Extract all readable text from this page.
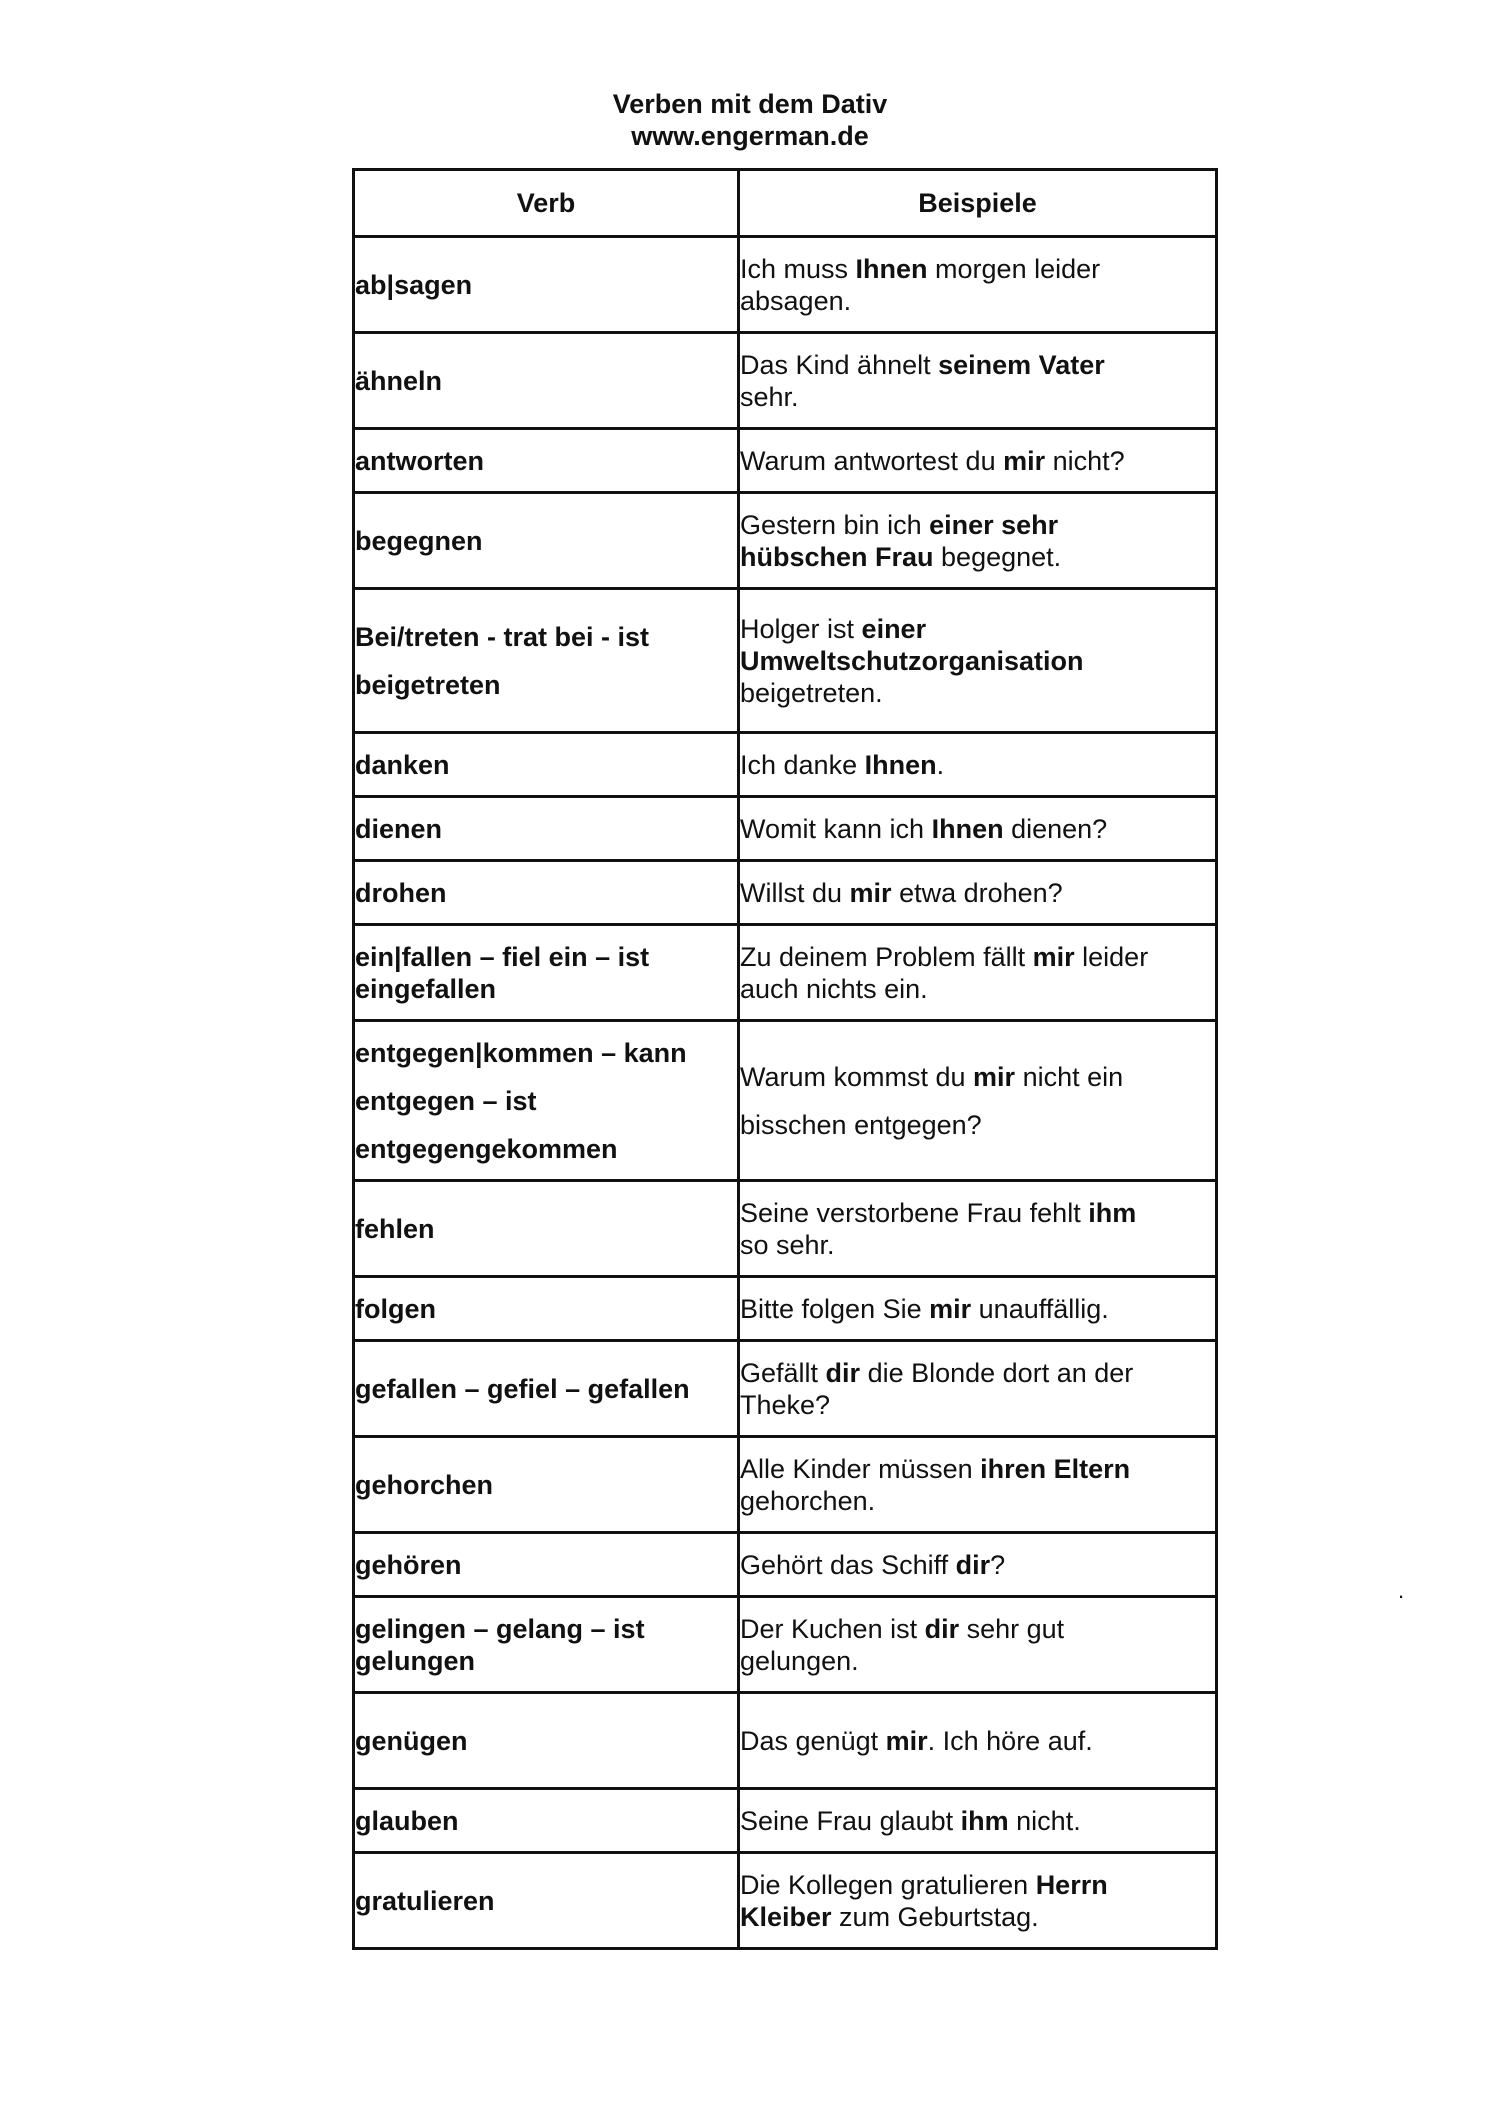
Verben mit dem Dativ
www.engerman.de
Verb	Beispiele

ab|sagen	Ich muss Ihnen morgen leider
absagen.

ähneln	Das Kind ähnelt seinem Vater
sehr.

antworten	Warum antwortest du mir nicht?

begegnen	Gestern bin ich einer sehr
hübschen Frau begegnet.

Bei/treten - trat bei - ist
beigetreten	Holger ist einer
Umweltschutzorganisation
beigetreten.

danken	Ich danke Ihnen.

dienen	Womit kann ich Ihnen dienen?

drohen	Willst du mir etwa drohen?

ein|fallen – fiel ein – ist
eingefallen	Zu deinem Problem fällt mir leider
auch nichts ein.

entgegen|kommen – kann
entgegen – ist
entgegengekommen	Warum kommst du mir nicht ein
bisschen entgegen?

fehlen	Seine verstorbene Frau fehlt ihm
so sehr.

folgen	Bitte folgen Sie mir unauffällig.

gefallen – gefiel – gefallen	Gefällt dir die Blonde dort an der
Theke?

gehorchen	Alle Kinder müssen ihren Eltern
gehorchen.

gehören	Gehört das Schiff dir?

gelingen – gelang – ist
gelungen	Der Kuchen ist dir sehr gut
gelungen.

genügen	Das genügt mir. Ich höre auf.

glauben	Seine Frau glaubt ihm nicht.

gratulieren	Die Kollegen gratulieren Herrn
Kleiber zum Geburtstag.
.
